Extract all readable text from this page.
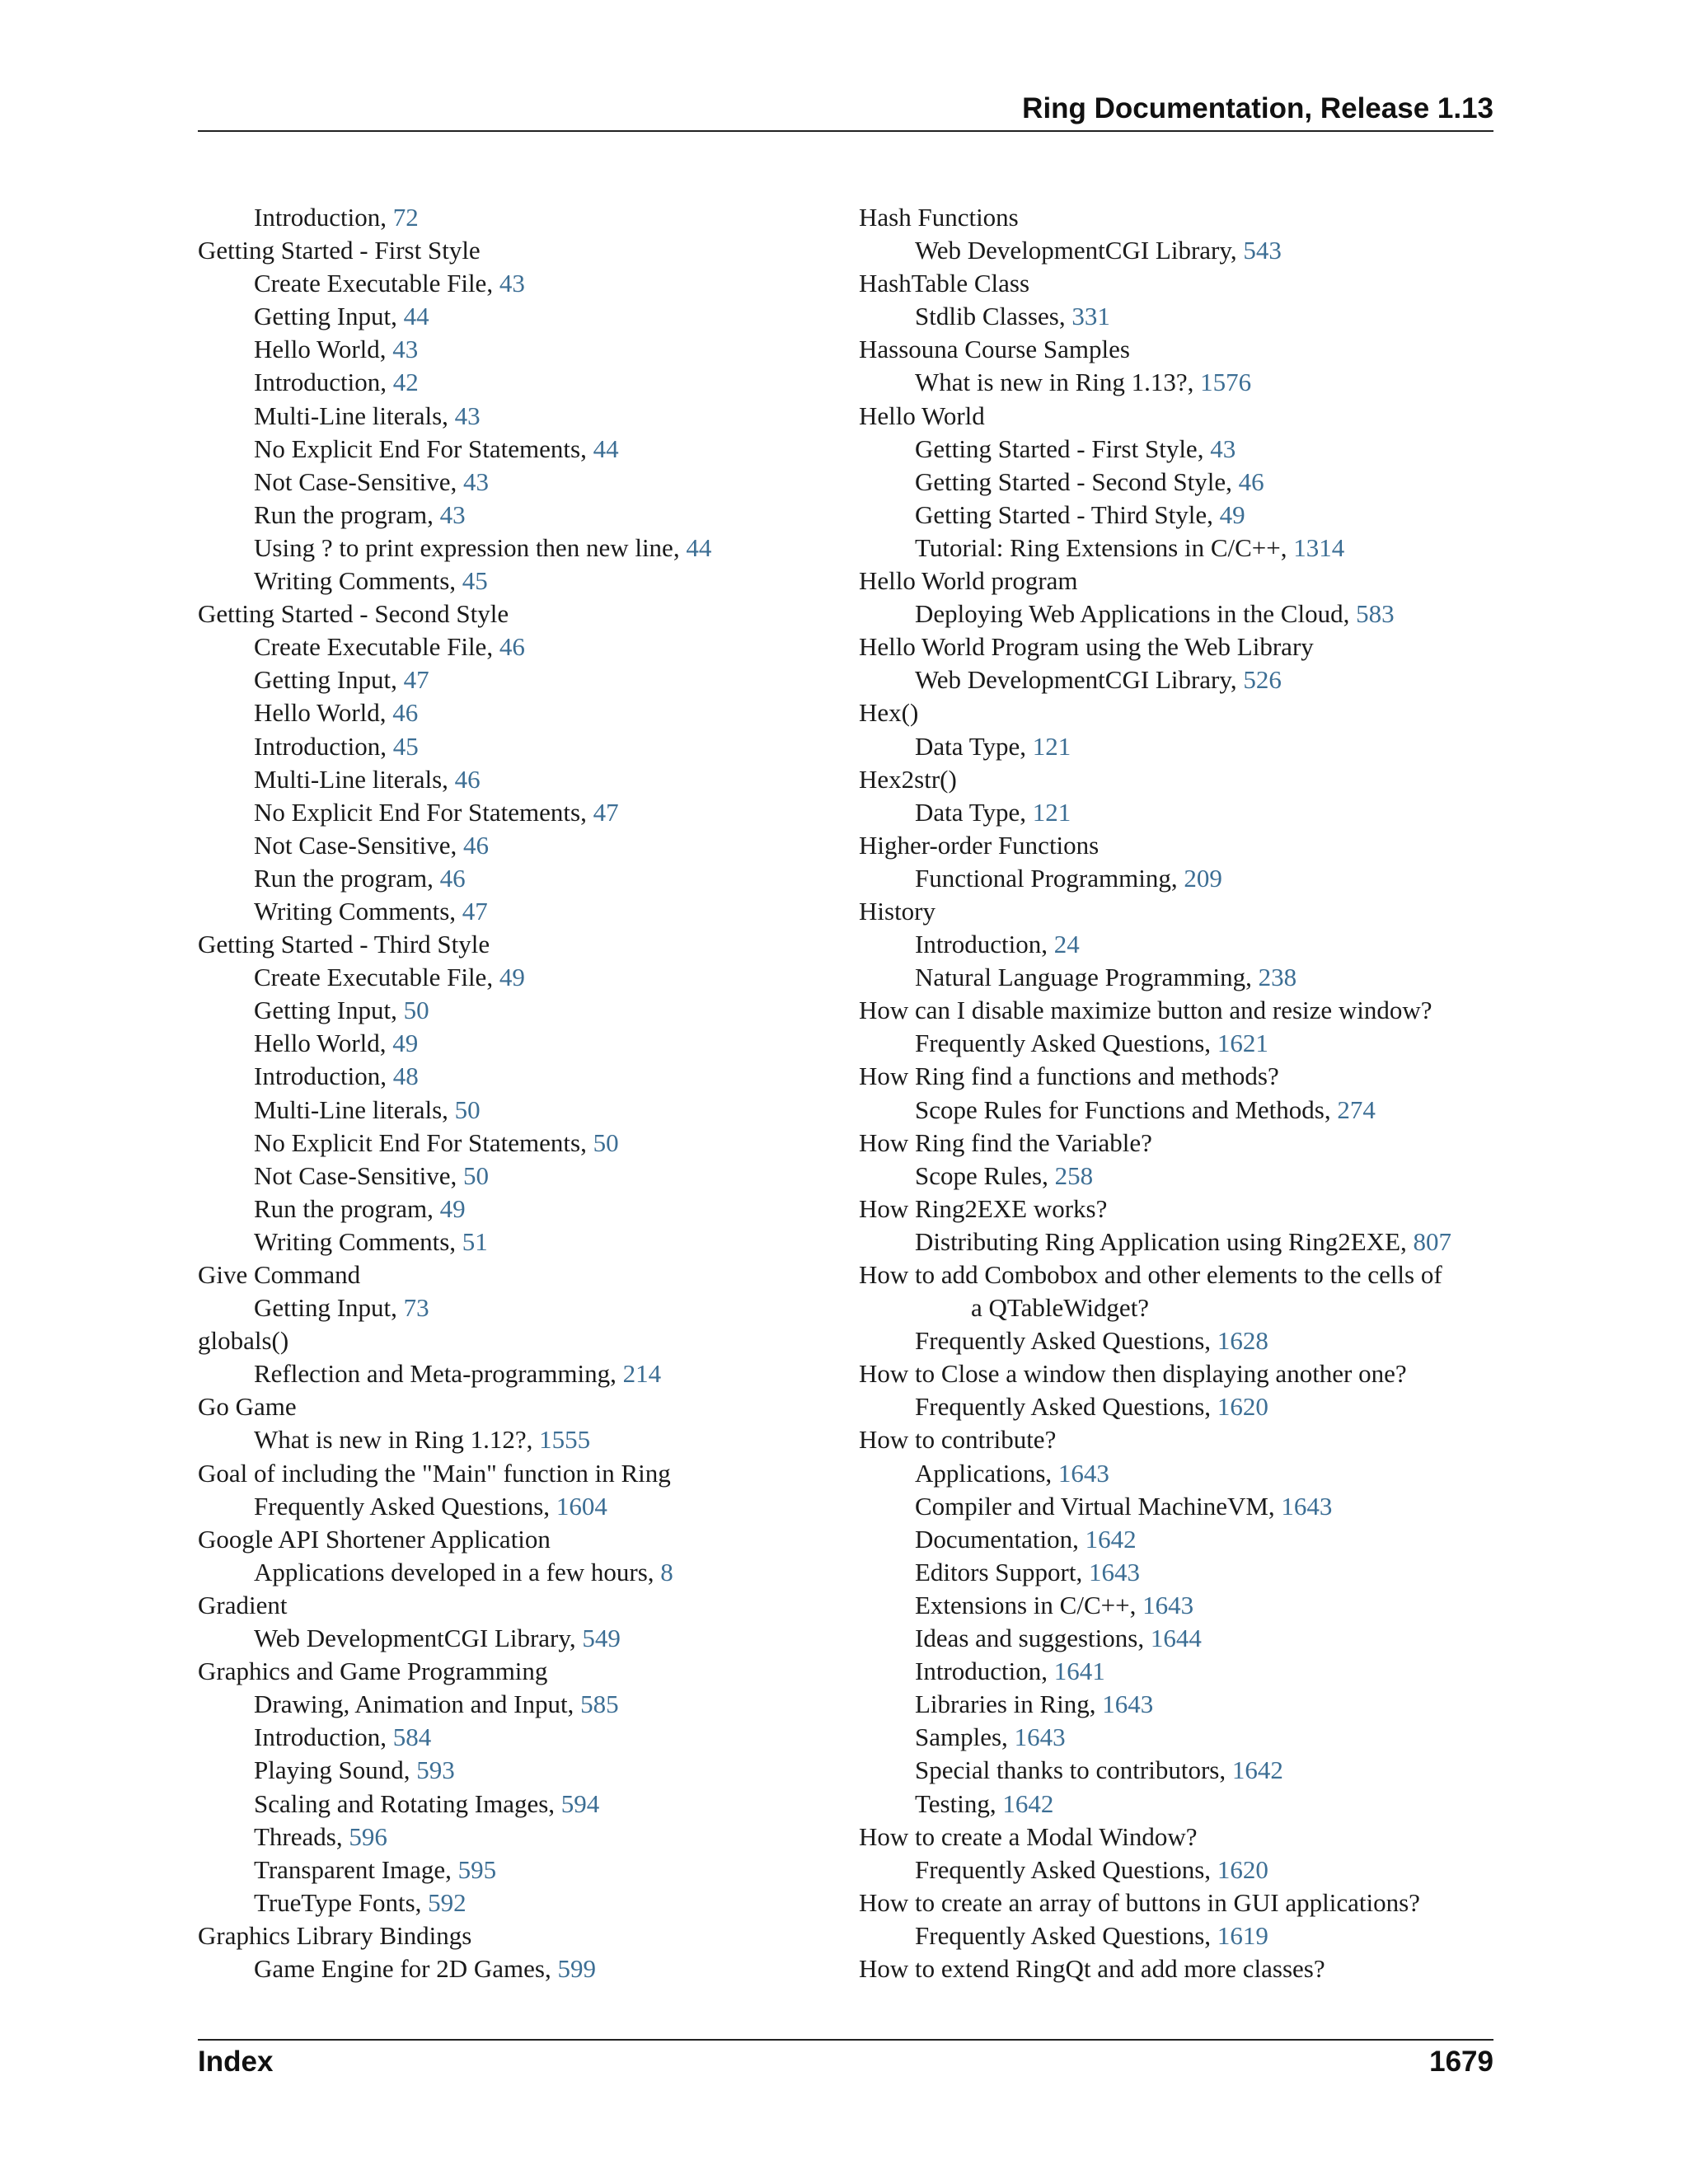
Ring Documentation, Release 1.13
Introduction, 72
Getting Started - First Style
Create Executable File, 43
Getting Input, 44
Hello World, 43
Introduction, 42
Multi-Line literals, 43
No Explicit End For Statements, 44
Not Case-Sensitive, 43
Run the program, 43
Using ? to print expression then new line, 44
Writing Comments, 45
Getting Started - Second Style
Create Executable File, 46
Getting Input, 47
Hello World, 46
Introduction, 45
Multi-Line literals, 46
No Explicit End For Statements, 47
Not Case-Sensitive, 46
Run the program, 46
Writing Comments, 47
Getting Started - Third Style
Create Executable File, 49
Getting Input, 50
Hello World, 49
Introduction, 48
Multi-Line literals, 50
No Explicit End For Statements, 50
Not Case-Sensitive, 50
Run the program, 49
Writing Comments, 51
Give Command
Getting Input, 73
globals()
Reflection and Meta-programming, 214
Go Game
What is new in Ring 1.12?, 1555
Goal of including the "Main" function in Ring
Frequently Asked Questions, 1604
Google API Shortener Application
Applications developed in a few hours, 8
Gradient
Web DevelopmentCGI Library, 549
Graphics and Game Programming
Drawing, Animation and Input, 585
Introduction, 584
Playing Sound, 593
Scaling and Rotating Images, 594
Threads, 596
Transparent Image, 595
TrueType Fonts, 592
Graphics Library Bindings
Game Engine for 2D Games, 599
Hash Functions
Web DevelopmentCGI Library, 543
HashTable Class
Stdlib Classes, 331
Hassouna Course Samples
What is new in Ring 1.13?, 1576
Hello World
Getting Started - First Style, 43
Getting Started - Second Style, 46
Getting Started - Third Style, 49
Tutorial: Ring Extensions in C/C++, 1314
Hello World program
Deploying Web Applications in the Cloud, 583
Hello World Program using the Web Library
Web DevelopmentCGI Library, 526
Hex()
Data Type, 121
Hex2str()
Data Type, 121
Higher-order Functions
Functional Programming, 209
History
Introduction, 24
Natural Language Programming, 238
How can I disable maximize button and resize window?
Frequently Asked Questions, 1621
How Ring find a functions and methods?
Scope Rules for Functions and Methods, 274
How Ring find the Variable?
Scope Rules, 258
How Ring2EXE works?
Distributing Ring Application using Ring2EXE, 807
How to add Combobox and other elements to the cells of
a QTableWidget?
Frequently Asked Questions, 1628
How to Close a window then displaying another one?
Frequently Asked Questions, 1620
How to contribute?
Applications, 1643
Compiler and Virtual MachineVM, 1643
Documentation, 1642
Editors Support, 1643
Extensions in C/C++, 1643
Ideas and suggestions, 1644
Introduction, 1641
Libraries in Ring, 1643
Samples, 1643
Special thanks to contributors, 1642
Testing, 1642
How to create a Modal Window?
Frequently Asked Questions, 1620
How to create an array of buttons in GUI applications?
Frequently Asked Questions, 1619
How to extend RingQt and add more classes?
Index	1679
